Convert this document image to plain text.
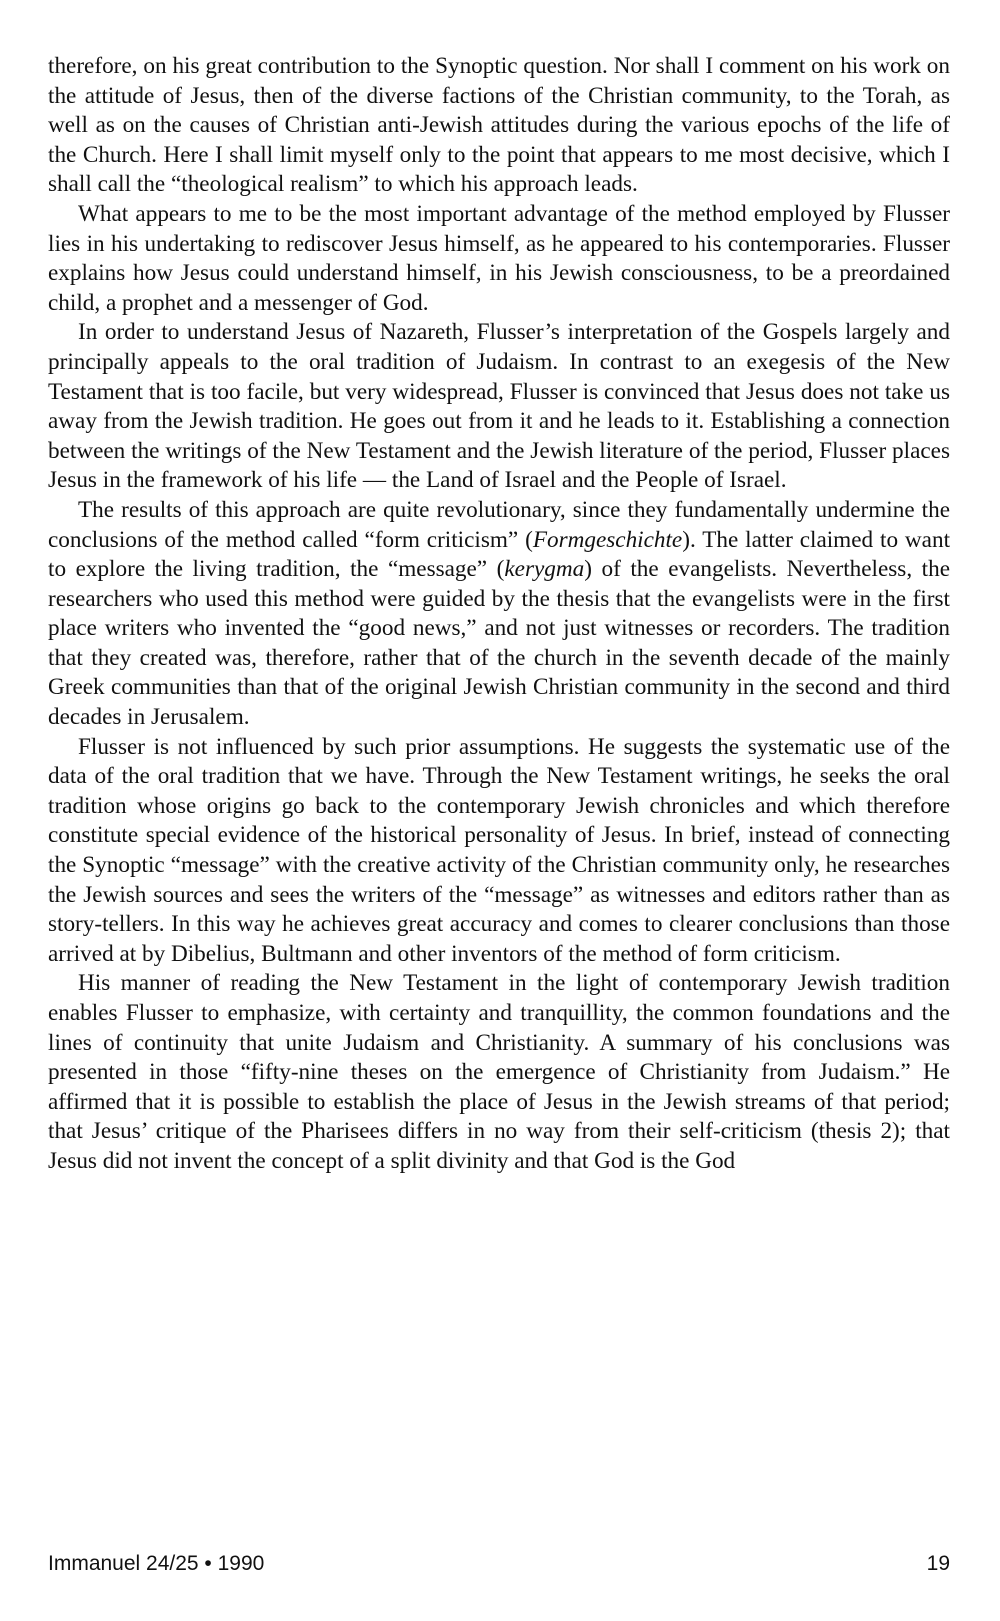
therefore, on his great contribution to the Synoptic question. Nor shall I comment on his work on the attitude of Jesus, then of the diverse factions of the Christian community, to the Torah, as well as on the causes of Christian anti-Jewish attitudes during the various epochs of the life of the Church. Here I shall limit myself only to the point that appears to me most decisive, which I shall call the “theological realism” to which his approach leads.

What appears to me to be the most important advantage of the method employed by Flusser lies in his undertaking to rediscover Jesus himself, as he appeared to his contemporaries. Flusser explains how Jesus could understand himself, in his Jewish consciousness, to be a preordained child, a prophet and a messenger of God.

In order to understand Jesus of Nazareth, Flusser’s interpretation of the Gospels largely and principally appeals to the oral tradition of Judaism. In contrast to an exegesis of the New Testament that is too facile, but very widespread, Flusser is convinced that Jesus does not take us away from the Jewish tradition. He goes out from it and he leads to it. Establishing a connection between the writings of the New Testament and the Jewish literature of the period, Flusser places Jesus in the framework of his life — the Land of Israel and the People of Israel.

The results of this approach are quite revolutionary, since they fundamentally undermine the conclusions of the method called “form criticism” (Formgeschichte). The latter claimed to want to explore the living tradition, the “message” (kerygma) of the evangelists. Nevertheless, the researchers who used this method were guided by the thesis that the evangelists were in the first place writers who invented the “good news,” and not just witnesses or recorders. The tradition that they created was, therefore, rather that of the church in the seventh decade of the mainly Greek communities than that of the original Jewish Christian community in the second and third decades in Jerusalem.

Flusser is not influenced by such prior assumptions. He suggests the systematic use of the data of the oral tradition that we have. Through the New Testament writings, he seeks the oral tradition whose origins go back to the contemporary Jewish chronicles and which therefore constitute special evidence of the historical personality of Jesus. In brief, instead of connecting the Synoptic “message” with the creative activity of the Christian community only, he researches the Jewish sources and sees the writers of the “message” as witnesses and editors rather than as story-tellers. In this way he achieves great accuracy and comes to clearer conclusions than those arrived at by Dibelius, Bultmann and other inventors of the method of form criticism.

His manner of reading the New Testament in the light of contemporary Jewish tradition enables Flusser to emphasize, with certainty and tranquillity, the common foundations and the lines of continuity that unite Judaism and Christianity. A summary of his conclusions was presented in those “fifty-nine theses on the emergence of Christianity from Judaism.” He affirmed that it is possible to establish the place of Jesus in the Jewish streams of that period; that Jesus’ critique of the Pharisees differs in no way from their self-criticism (thesis 2); that Jesus did not invent the concept of a split divinity and that God is the God

Immanuel 24/25 • 1990	19
